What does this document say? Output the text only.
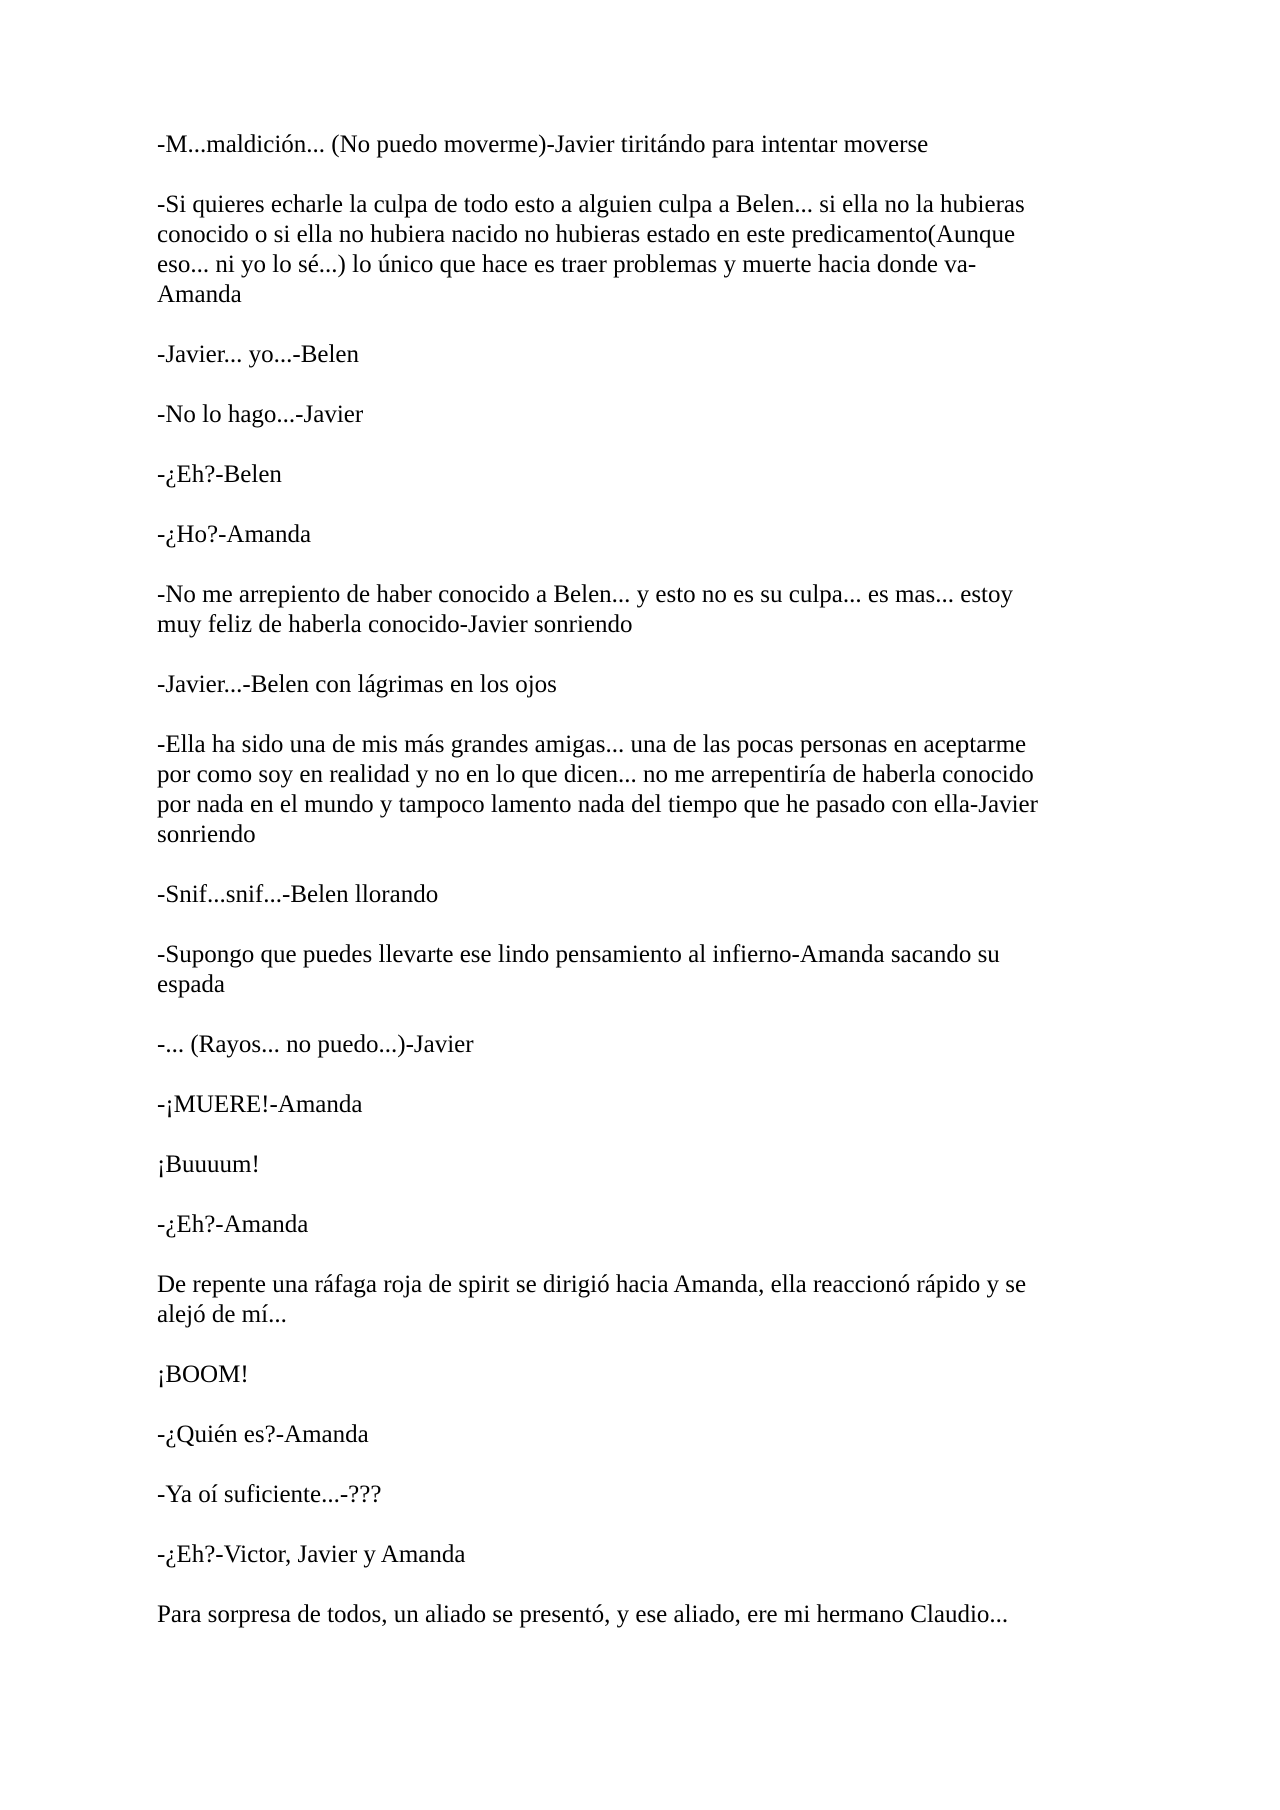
-M...maldición... (No puedo moverme)-Javier tiritándo para intentar moverse
-Si quieres echarle la culpa de todo esto a alguien culpa a Belen... si ella no la hubieras
conocido o si ella no hubiera nacido no hubieras estado en este predicamento(Aunque
eso... ni yo lo sé...) lo único que hace es traer problemas y muerte hacia donde va-
Amanda
-Javier... yo...-Belen
-No lo hago...-Javier
-¿Eh?-Belen
-¿Ho?-Amanda
-No me arrepiento de haber conocido a Belen... y esto no es su culpa... es mas... estoy
muy feliz de haberla conocido-Javier sonriendo
-Javier...-Belen con lágrimas en los ojos
-Ella ha sido una de mis más grandes amigas... una de las pocas personas en aceptarme
por como soy en realidad y no en lo que dicen... no me arrepentiría de haberla conocido
por nada en el mundo y tampoco lamento nada del tiempo que he pasado con ella-Javier
sonriendo
-Snif...snif...-Belen llorando
-Supongo que puedes llevarte ese lindo pensamiento al infierno-Amanda sacando su
espada
-... (Rayos... no puedo...)-Javier
-¡MUERE!-Amanda
¡Buuuum!
-¿Eh?-Amanda
De repente una ráfaga roja de spirit se dirigió hacia Amanda, ella reaccionó rápido y se
alejó de mí...
¡BOOM!
-¿Quién es?-Amanda
-Ya oí suficiente...-???
-¿Eh?-Victor, Javier y Amanda
Para sorpresa de todos, un aliado se presentó, y ese aliado, ere mi hermano Claudio...
